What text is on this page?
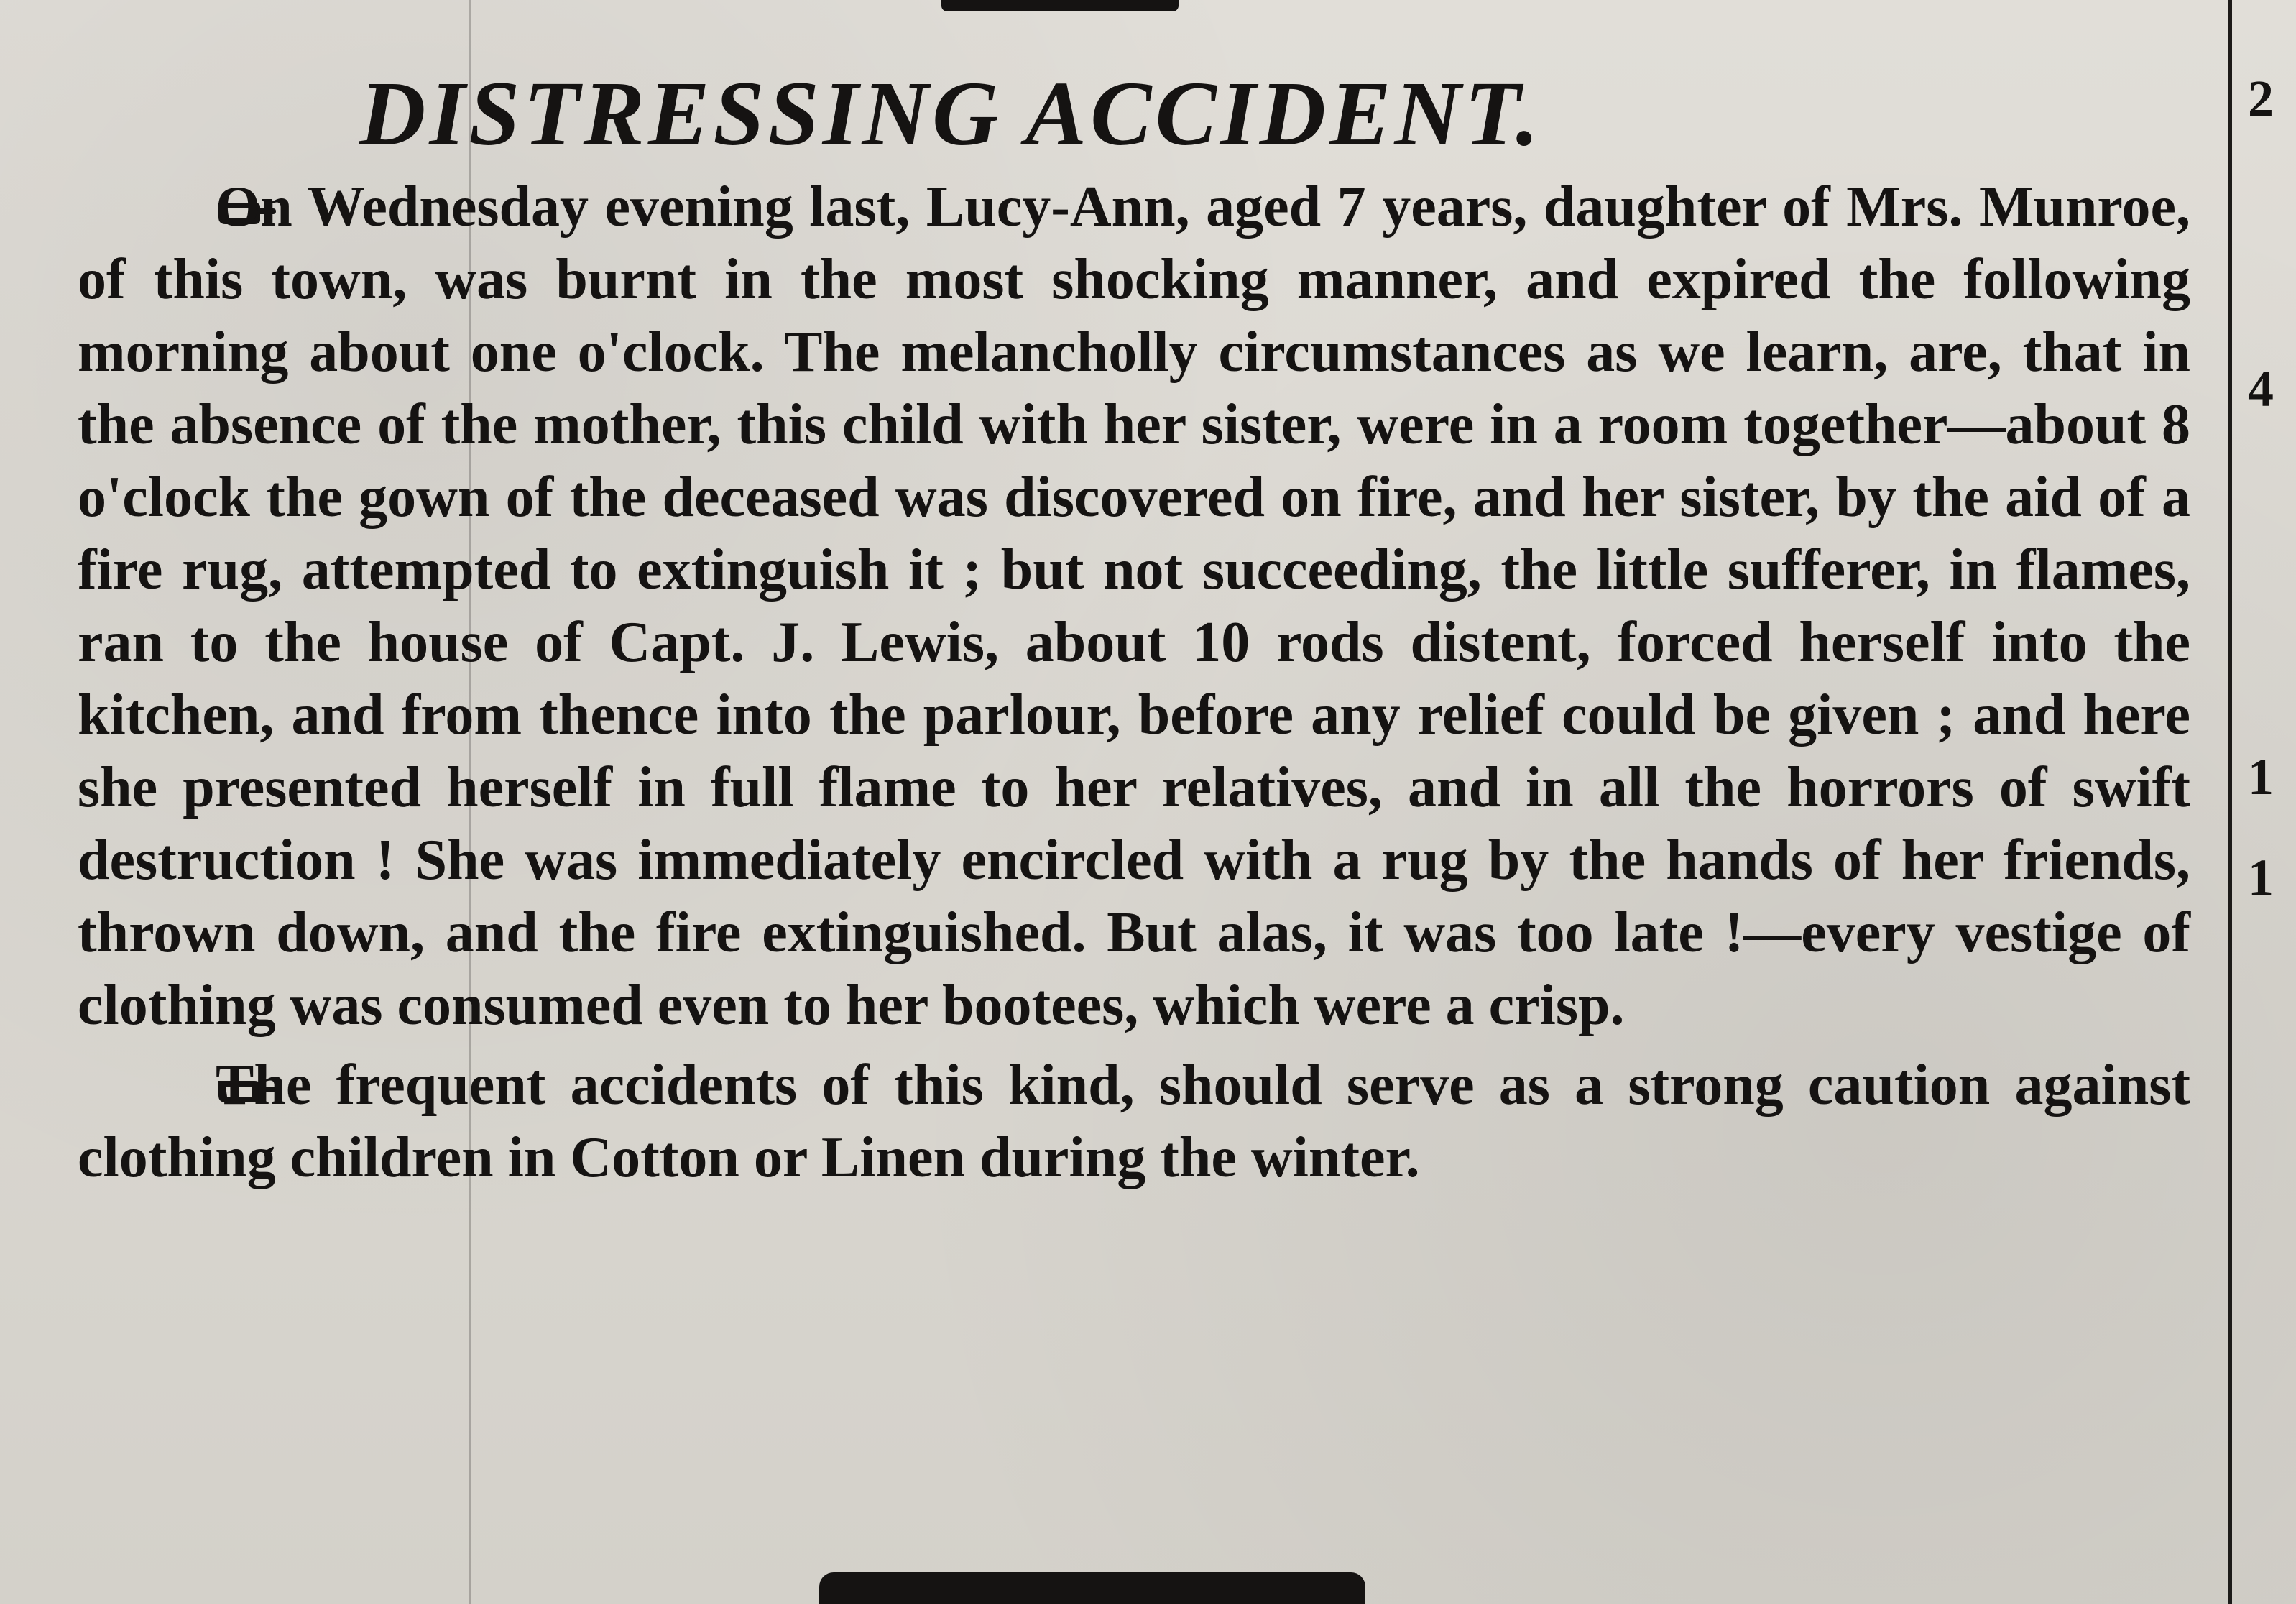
2
4
1
1
DISTRESSING ACCIDENT.

On Wednesday evening last, Lucy-Ann, aged 7 years, daughter of Mrs. Munroe, of this town, was burnt in the most shocking manner, and expired the following morning about one o'clock. The melancholly circumstances as we learn, are, that in the absence of the mother, this child with her sister, were in a room together—about 8 o'clock the gown of the deceased was discovered on fire, and her sister, by the aid of a fire rug, attempted to extinguish it ; but not succeeding, the little sufferer, in flames, ran to the house of Capt. J. Lewis, about 10 rods distent, forced herself into the kitchen, and from thence into the parlour, before any relief could be given ; and here she presented herself in full flame to her relatives, and in all the horrors of swift destruction ! She was immediately encircled with a rug by the hands of her friends, thrown down, and the fire extinguished. But alas, it was too late !—every vestige of clothing was consumed even to her bootees, which were a crisp.

The frequent accidents of this kind, should serve as a strong caution against clothing children in Cotton or Linen during the winter.
